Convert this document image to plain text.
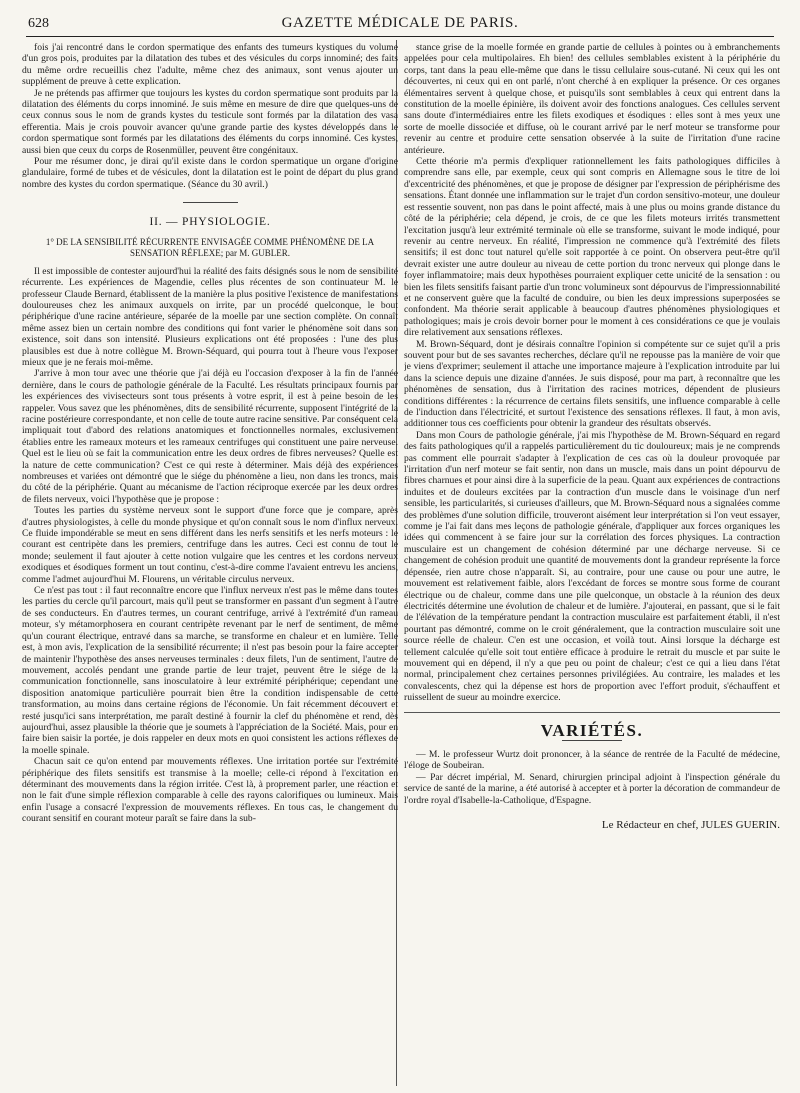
628	GAZETTE MÉDICALE DE PARIS.

fois j'ai rencontré dans le cordon spermatique des enfants des tumeurs kystiques du volume d'un gros pois, produites par la dilatation des tubes et des vésicules du corps innominé; des faits du même ordre recueillis chez l'adulte, même chez des animaux, sont venus ajouter un supplément de preuve à cette explication.

Je ne prétends pas affirmer que toujours les kystes du cordon spermatique sont produits par la dilatation des éléments du corps innominé. Je suis même en mesure de dire que quelques-uns de ceux connus sous le nom de grands kystes du testicule sont formés par la dilatation des vasa efferentia. Mais je crois pouvoir avancer qu'une grande partie des kystes développés dans le cordon spermatique sont formés par les dilatations des éléments du corps innominé. Ces kystes, aussi bien que ceux du corps de Rosenmüller, peuvent être congénitaux.

Pour me résumer donc, je dirai qu'il existe dans le cordon spermatique un organe d'origine glandulaire, formé de tubes et de vésicules, dont la dilatation est le point de départ du plus grand nombre des kystes du cordon spermatique. (Séance du 30 avril.)

II. — PHYSIOLOGIE.
1° DE LA SENSIBILITÉ RÉCURRENTE ENVISAGÉE COMME PHÉNOMÈNE DE LA SENSATION RÉFLEXE; par M. GUBLER.

Il est impossible de contester aujourd'hui la réalité des faits désignés sous le nom de sensibilité récurrente. Les expériences de Magendie, celles plus récentes de son continuateur M. le professeur Claude Bernard, établissent de la manière la plus positive l'existence de manifestations douloureuses chez les animaux auxquels on irrite, par un procédé quelconque, le bout périphérique d'une racine antérieure, séparée de la moelle par une section complète. On connaît même assez bien un certain nombre des conditions qui font varier le phénomène soit dans son existence, soit dans son intensité. Plusieurs explications ont été proposées : l'une des plus plausibles est due à notre collègue M. Brown-Séquard, qui pourra tout à l'heure vous l'exposer mieux que je ne ferais moi-même.

J'arrive à mon tour avec une théorie que j'ai déjà eu l'occasion d'exposer à la fin de l'année dernière, dans le cours de pathologie générale de la Faculté. Les résultats principaux fournis par les expériences des vivisecteurs sont tous présents à votre esprit, il est à peine besoin de les rappeler. Vous savez que les phénomènes, dits de sensibilité récurrente, supposent l'intégrité de la racine postérieure correspondante, et non celle de toute autre racine sensitive. Par conséquent cela impliquait tout d'abord des relations anatomiques et fonctionnelles normales, exclusivement établies entre les rameaux moteurs et les rameaux centrifuges qui constituent une paire nerveuse. Quel est le lieu où se fait la communication entre les deux ordres de fibres nerveuses? Quelle est la nature de cette communication? C'est ce qui reste à déterminer. Mais déjà des expériences nombreuses et variées ont démontré que le siége du phénomène a lieu, non dans les troncs, mais du côté de la périphérie. Quant au mécanisme de l'action réciproque exercée par les deux ordres de filets nerveux, voici l'hypothèse que je propose :

Toutes les parties du système nerveux sont le support d'une force que je compare, après d'autres physiologistes, à celle du monde physique et qu'on connaît sous le nom d'influx nerveux. Ce fluide impondérable se meut en sens différent dans les nerfs sensitifs et les nerfs moteurs : le courant est centripète dans les premiers, centrifuge dans les autres. Ceci est connu de tout le monde; seulement il faut ajouter à cette notion vulgaire que les centres et les cordons nerveux exodiques et ésodiques forment un tout continu, c'est-à-dire comme l'avaient entrevu les anciens, comme l'admet aujourd'hui M. Flourens, un véritable circulus nerveux.

Ce n'est pas tout : il faut reconnaître encore que l'influx nerveux n'est pas le même dans toutes les parties du cercle qu'il parcourt, mais qu'il peut se transformer en passant d'un segment à l'autre de ses conducteurs. En d'autres termes, un courant centrifuge, arrivé à l'extrémité d'un rameau moteur, s'y métamorphosera en courant centripète revenant par le nerf de sentiment, de même qu'un courant électrique, entravé dans sa marche, se transforme en chaleur et en lumière. Telle est, à mon avis, l'explication de la sensibilité récurrente; il n'est pas besoin pour la faire accepter de maintenir l'hypothèse des anses nerveuses terminales : deux filets, l'un de sentiment, l'autre de mouvement, accolés pendant une grande partie de leur trajet, peuvent être le siége de la communication fonctionnelle, sans inosculatoire à leur extrémité périphérique; cependant une disposition anatomique particulière pourrait bien être la condition indispensable de cette transformation, au moins dans certaine régions de l'économie. Un fait récemment découvert et resté jusqu'ici sans interprétation, me paraît destiné à fournir la clef du phénomène et rend, dès aujourd'hui, assez plausible la théorie que je soumets à l'appréciation de la Société. Mais, pour en faire bien saisir la portée, je dois rappeler en deux mots en quoi consistent les actions réflexes de la moelle spinale.

Chacun sait ce qu'on entend par mouvements réflexes. Une irritation portée sur l'extrémité périphérique des filets sensitifs est transmise à la moelle; celle-ci répond à l'excitation en déterminant des mouvements dans la région irritée. C'est là, à proprement parler, une réaction et non le fait d'une simple réflexion comparable à celle des rayons calorifiques ou lumineux. Mais enfin l'usage a consacré l'expression de mouvements réflexes. En tous cas, le changement du courant sensitif en courant moteur paraît se faire dans la sub-

stance grise de la moelle formée en grande partie de cellules à pointes ou à embranchements appelées pour cela multipolaires. Eh bien! des cellules semblables existent à la périphérie du corps, tant dans la peau elle-même que dans le tissu cellulaire sous-cutané. Ni ceux qui les ont découvertes, ni ceux qui en ont parlé, n'ont cherché à en expliquer la présence. Or ces organes élémentaires servent à quelque chose, et puisqu'ils sont semblables à ceux qui entrent dans la constitution de la moelle épinière, ils doivent avoir des fonctions analogues. Ces cellules servent sans doute d'intermédiaires entre les filets exodiques et ésodiques : elles sont à mes yeux une sorte de moelle dissociée et diffuse, où le courant arrivé par le nerf moteur se transforme pour revenir au centre et produire cette sensation observée à la suite de l'irritation d'une racine antérieure.

Cette théorie m'a permis d'expliquer rationnellement les faits pathologiques difficiles à comprendre sans elle, par exemple, ceux qui sont compris en Allemagne sous le titre de loi d'excentricité des phénomènes, et que je propose de désigner par l'expression de périphérisme des sensations. Étant donnée une inflammation sur le trajet d'un cordon sensitivo-moteur, une douleur est ressentie souvent, non pas dans le point affecté, mais à une plus ou moins grande distance du côté de la périphérie; cela dépend, je crois, de ce que les filets moteurs irrités transmettent l'excitation jusqu'à leur extrémité terminale où elle se transforme, suivant le mode indiqué, pour revenir au centre nerveux. En réalité, l'impression ne commence qu'à l'extrémité des filets sensitifs; il est donc tout naturel qu'elle soit rapportée à ce point. On observera peut-être qu'il devrait exister une autre douleur au niveau de cette portion du tronc nerveux qui plonge dans le foyer inflammatoire; mais deux hypothèses pourraient expliquer cette unicité de la sensation : ou bien les filets sensitifs faisant partie d'un tronc volumineux sont dépourvus de l'impressionnabilité et ne conservent guère que la faculté de conduire, ou bien les deux impressions superposées se confondent. Ma théorie serait applicable à beaucoup d'autres phénomènes physiologiques et pathologiques; mais je crois devoir borner pour le moment à ces considérations ce que je voulais dire relativement aux sensations réflexes.

M. Brown-Séquard, dont je désirais connaître l'opinion si compétente sur ce sujet qu'il a pris souvent pour but de ses savantes recherches, déclare qu'il ne repousse pas la manière de voir que je viens d'exprimer; seulement il attache une importance majeure à l'explication introduite par lui dans la science depuis une dizaine d'années. Je suis disposé, pour ma part, à reconnaître que les phénomènes de sensation, dus à l'irritation des racines motrices, dépendent de plusieurs conditions différentes : la récurrence de certains filets sensitifs, une influence comparable à celle de l'induction dans l'électricité, et surtout l'existence des sensations réflexes. Il faut, à mon avis, additionner tous ces coefficients pour obtenir la grandeur des résultats observés.

Dans mon Cours de pathologie générale, j'ai mis l'hypothèse de M. Brown-Séquard en regard des faits pathologiques qu'il a rappelés particulièrement du tic douloureux; mais je ne comprends pas comment elle pourrait s'adapter à l'explication de ces cas où la douleur provoquée par l'irritation d'un nerf moteur se fait sentir, non dans un muscle, mais dans un point dépourvu de fibres charnues et pour ainsi dire à la superficie de la peau. Quant aux expériences de contractions induites et de douleurs excitées par la contraction d'un muscle dans le voisinage d'un nerf sensible, les particularités, si curieuses d'ailleurs, que M. Brown-Séquard nous a signalées comme des problèmes d'une solution difficile, trouveront aisément leur interprétation si l'on veut essayer, comme je l'ai fait dans mes leçons de pathologie générale, d'appliquer aux forces organiques les idées qui commencent à se faire jour sur la corrélation des forces physiques. La contraction musculaire est un changement de cohésion déterminé par une décharge nerveuse. Si ce changement de cohésion produit une quantité de mouvements dont la grandeur représente la force dépensée, rien autre chose n'apparaît. Si, au contraire, pour une cause ou pour une autre, le mouvement est relativement faible, alors l'excédant de forces se montre sous forme de courant électrique ou de chaleur, comme dans une pile quelconque, un obstacle à la réunion des deux électricités détermine une évolution de chaleur et de lumière. J'ajouterai, en passant, que si le fait de l'élévation de la température pendant la contraction musculaire est parfaitement établi, il n'est pourtant pas démontré, comme on le croit généralement, que la contraction musculaire soit une source réelle de chaleur. C'en est une occasion, et voilà tout. Ainsi lorsque la décharge est tellement calculée qu'elle soit tout entière efficace à produire le retrait du muscle et par suite le mouvement qui en dépend, il n'y a que peu ou point de chaleur; c'est ce qui a lieu dans l'état normal, principalement chez certaines personnes privilégiées. Au contraire, les malades et les convalescents, chez qui la dépense est hors de proportion avec l'effort produit, s'échauffent et ruissellent de sueur au moindre exercice.

VARIÉTÉS.

— M. le professeur Wurtz doit prononcer, à la séance de rentrée de la Faculté de médecine, l'éloge de Soubeiran.

— Par décret impérial, M. Senard, chirurgien principal adjoint à l'inspection générale du service de santé de la marine, a été autorisé à accepter et à porter la décoration de commandeur de l'ordre royal d'Isabelle-la-Catholique, d'Espagne.

Le Rédacteur en chef, JULES GUERIN.
